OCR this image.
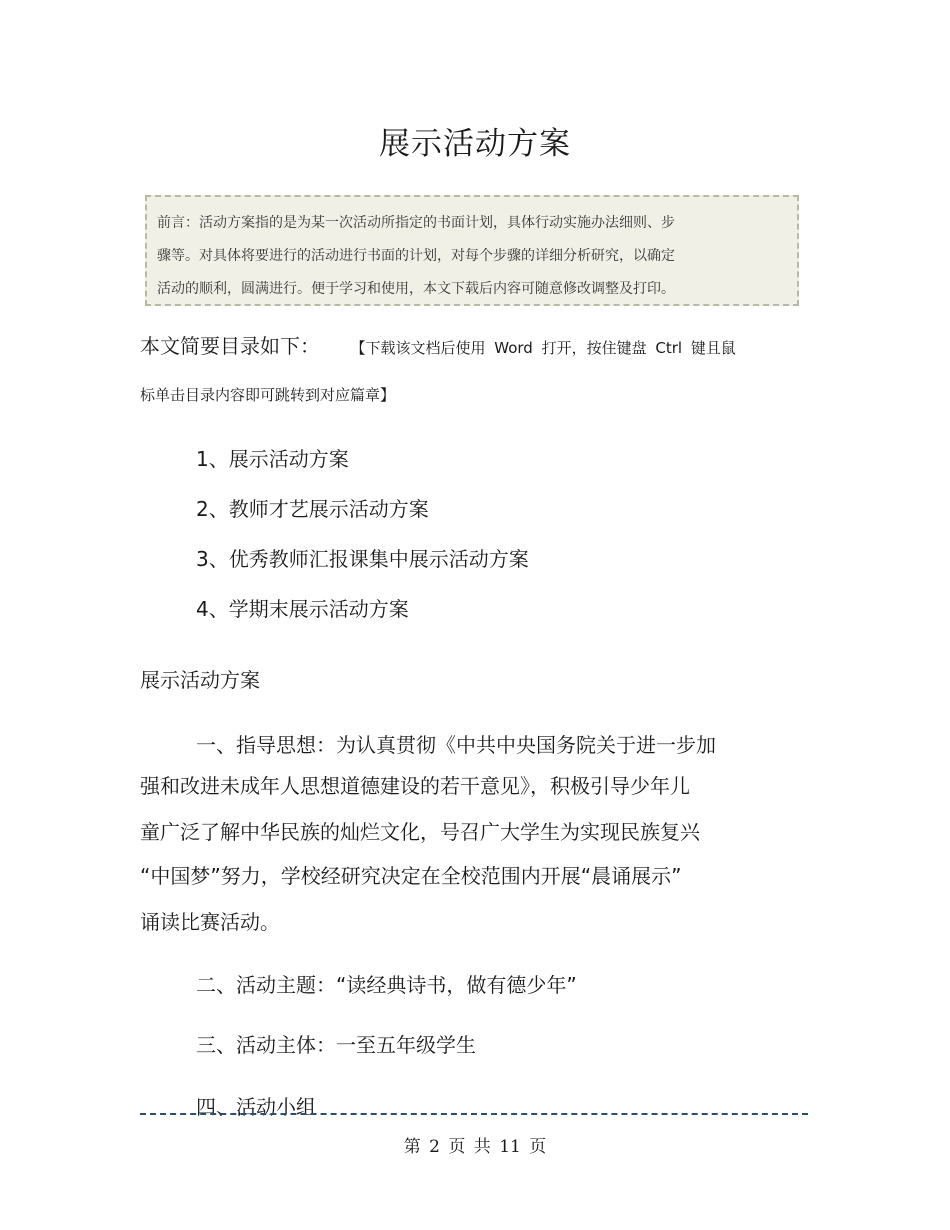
展示活动方案
前言：活动方案指的是为某一次活动所指定的书面计划，具体行动实施办法细则、步
骤等。对具体将要进行的活动进行书面的计划，对每个步骤的详细分析研究，以确定
活动的顺利，圆满进行。便于学习和使用，本文下载后内容可随意修改调整及打印。
本文简要目录如下：	【下载该文档后使用 Word 打开，按住键盘 Ctrl 键且鼠
标单击目录内容即可跳转到对应篇章】
1、展示活动方案
2、教师才艺展示活动方案
3、优秀教师汇报课集中展示活动方案
4、学期末展示活动方案
展示活动方案
一、指导思想：为认真贯彻《中共中央国务院关于进一步加
强和改进未成年人思想道德建设的若干意见》，积极引导少年儿
童广泛了解中华民族的灿烂文化，号召广大学生为实现民族复兴
“中国梦”努力，学校经研究决定在全校范围内开展“晨诵展示”
诵读比赛活动。
二、活动主题：“读经典诗书，做有德少年”
三、活动主体：一至五年级学生
四、活动小组
第 2 页 共 11 页
